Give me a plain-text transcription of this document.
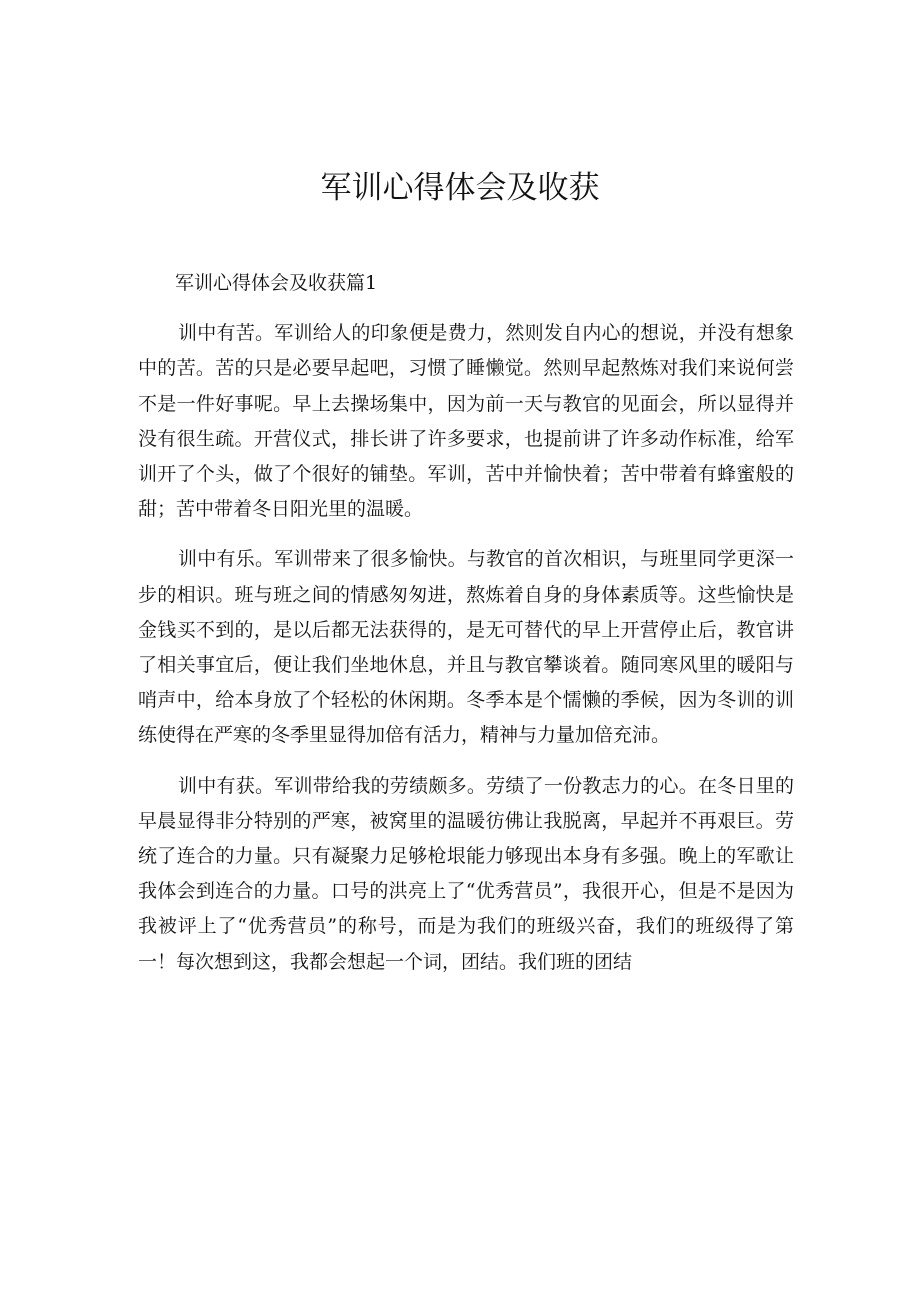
军训心得体会及收获

军训心得体会及收获篇1

训中有苦。军训给人的印象便是费力，然则发自内心的想说，并没有想象中的苦。苦的只是必要早起吧，习惯了睡懒觉。然则早起熬炼对我们来说何尝不是一件好事呢。早上去操场集中，因为前一天与教官的见面会，所以显得并没有很生疏。开营仪式，排长讲了许多要求，也提前讲了许多动作标准，给军训开了个头，做了个很好的铺垫。军训，苦中并愉快着；苦中带着有蜂蜜般的甜；苦中带着冬日阳光里的温暖。

训中有乐。军训带来了很多愉快。与教官的首次相识，与班里同学更深一步的相识。班与班之间的情感匆匆进，熬炼着自身的身体素质等。这些愉快是金钱买不到的，是以后都无法获得的，是无可替代的早上开营停止后，教官讲了相关事宜后，便让我们坐地休息，并且与教官攀谈着。随同寒风里的暖阳与哨声中，给本身放了个轻松的休闲期。冬季本是个懦懒的季候，因为冬训的训练使得在严寒的冬季里显得加倍有活力，精神与力量加倍充沛。

训中有获。军训带给我的劳绩颇多。劳绩了一份教志力的心。在冬日里的早晨显得非分特别的严寒，被窝里的温暖彷佛让我脱离，早起并不再艰巨。劳统了连合的力量。只有凝聚力足够枪垠能力够现出本身有多强。晚上的军歌让我体会到连合的力量。口号的洪亮上了“优秀营员”，我很开心，但是不是因为我被评上了“优秀营员”的称号，而是为我们的班级兴奋，我们的班级得了第一！每次想到这，我都会想起一个词，团结。我们班的团结
